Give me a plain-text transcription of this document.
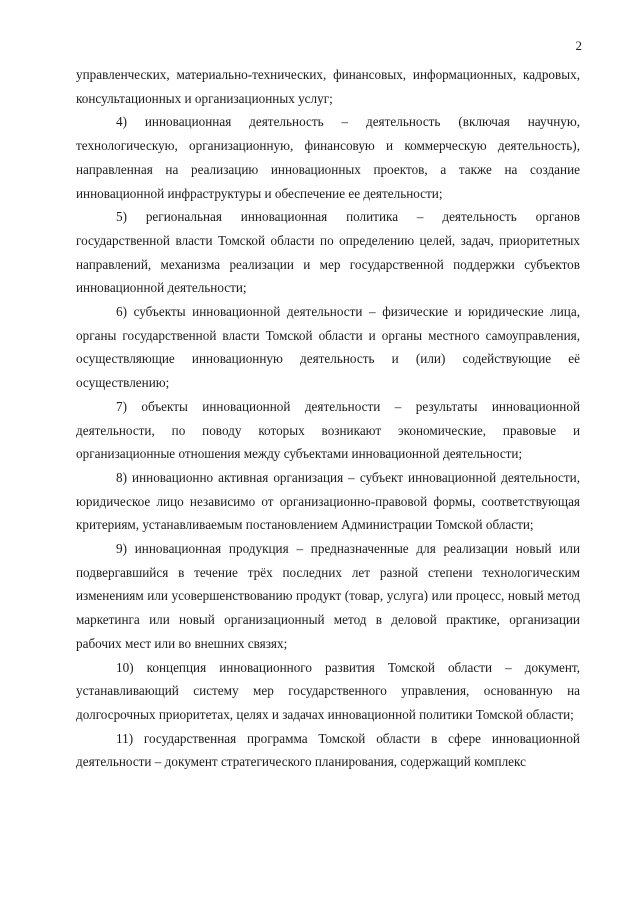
2

управленческих, материально-технических, финансовых, информационных, кадровых, консультационных и организационных услуг;

4) инновационная деятельность – деятельность (включая научную, технологическую, организационную, финансовую и коммерческую деятельность), направленная на реализацию инновационных проектов, а также на создание инновационной инфраструктуры и обеспечение ее деятельности;

5) региональная инновационная политика – деятельность органов государственной власти Томской области по определению целей, задач, приоритетных направлений, механизма реализации и мер государственной поддержки субъектов инновационной деятельности;

6) субъекты инновационной деятельности – физические и юридические лица, органы государственной власти Томской области и органы местного самоуправления, осуществляющие инновационную деятельность и (или) содействующие её осуществлению;

7) объекты инновационной деятельности – результаты инновационной деятельности, по поводу которых возникают экономические, правовые и организационные отношения между субъектами инновационной деятельности;

8) инновационно активная организация – субъект инновационной деятельности, юридическое лицо независимо от организационно-правовой формы, соответствующая критериям, устанавливаемым постановлением Администрации Томской области;

9) инновационная продукция – предназначенные для реализации новый или подвергавшийся в течение трёх последних лет разной степени технологическим изменениям или усовершенствованию продукт (товар, услуга) или процесс, новый метод маркетинга или новый организационный метод в деловой практике, организации рабочих мест или во внешних связях;

10) концепция инновационного развития Томской области – документ, устанавливающий систему мер государственного управления, основанную на долгосрочных приоритетах, целях и задачах инновационной политики Томской области;

11) государственная программа Томской области в сфере инновационной деятельности – документ стратегического планирования, содержащий комплекс
